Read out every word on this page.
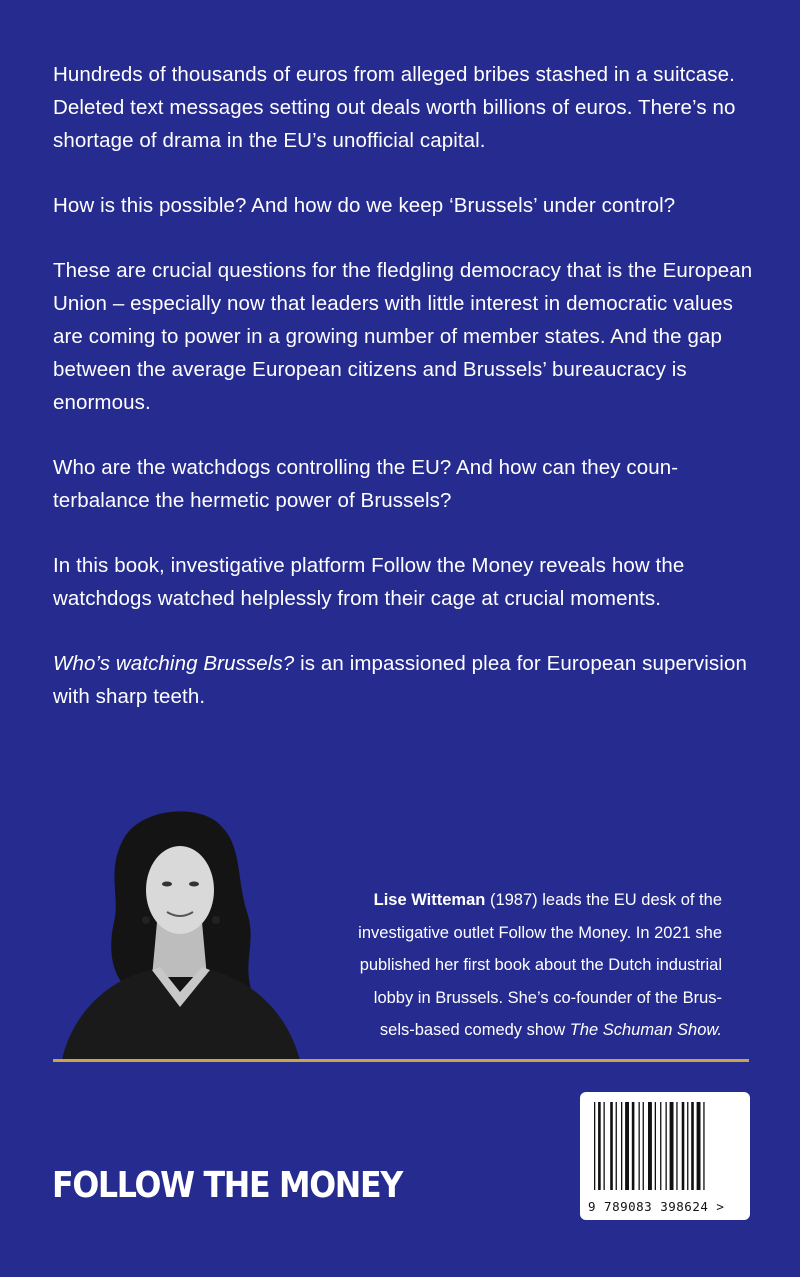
Hundreds of thousands of euros from alleged bribes stashed in a suitcase. Deleted text messages setting out deals worth billions of euros. There’s no shortage of drama in the EU’s unofficial capital.

How is this possible? And how do we keep ‘Brussels’ under control?

These are crucial questions for the fledgling democracy that is the European Union – especially now that leaders with little interest in democratic values are coming to power in a growing number of member states. And the gap between the average European citizens and Brussels’ bureaucracy is enormous.

Who are the watchdogs controlling the EU? And how can they coun-terbalance the hermetic power of Brussels?

In this book, investigative platform Follow the Money reveals how the watchdogs watched helplessly from their cage at crucial moments.

Who’s watching Brussels? is an impassioned plea for European supervision with sharp teeth.

Lise Witteman (1987) leads the EU desk of the
investigative outlet Follow the Money. In 2021 she
published her first book about the Dutch industrial
lobby in Brussels. She’s co-founder of the Brus-
sels-based comedy show The Schuman Show.
FOLLOW THE MONEY
9 789083 398624 >
